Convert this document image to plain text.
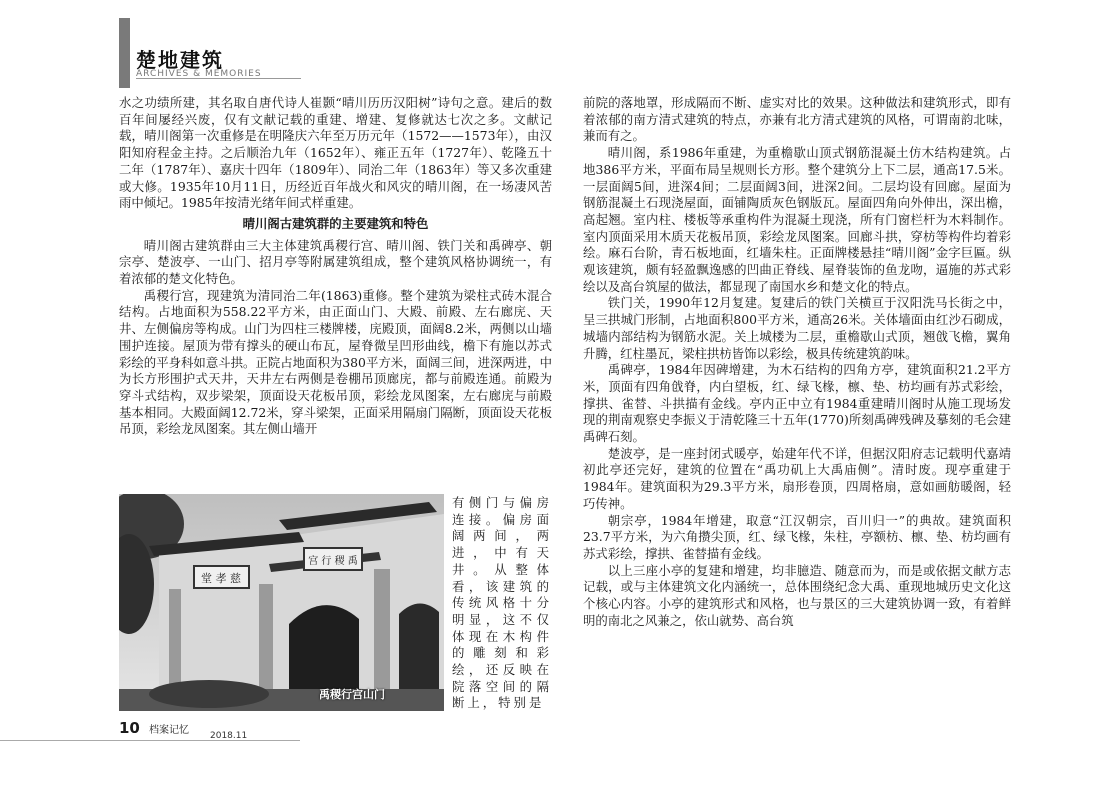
楚地建筑
ARCHIVES & MEMORIES

水之功绩所建，其名取自唐代诗人崔颢“晴川历历汉阳树”诗句之意。建后的数百年间屡经兴废，仅有文献记载的重建、增建、复修就达七次之多。文献记载，晴川阁第一次重修是在明隆庆六年至万历元年（1572——1573年），由汉阳知府程金主持。之后顺治九年（1652年）、雍正五年（1727年）、乾隆五十二年（1787年）、嘉庆十四年（1809年）、同治二年（1863年）等又多次重建或大修。1935年10月11日，历经近百年战火和风灾的晴川阁，在一场凄风苦雨中倾圮。1985年按清光绪年间式样重建。

晴川阁古建筑群的主要建筑和特色

晴川阁古建筑群由三大主体建筑禹稷行宫、晴川阁、铁门关和禹碑亭、朝宗亭、楚波亭、一山门、招月亭等附属建筑组成，整个建筑风格协调统一，有着浓郁的楚文化特色。

禹稷行宫，现建筑为清同治二年(1863)重修。整个建筑为梁柱式砖木混合结构。占地面积为558.22平方米，由正面山门、大殿、前殿、左右廊庑、天井、左侧偏房等构成。山门为四柱三楼牌楼，庑殿顶，面阔8.2米，两侧以山墙围护连接。屋顶为带有撑头的硬山布瓦，屋脊微呈凹形曲线，檐下有施以苏式彩绘的平身科如意斗拱。正院占地面积为380平方米，面阔三间，进深两进，中为长方形围护式天井，天井左右两侧是卷棚吊顶廊庑，都与前殿连通。前殿为穿斗式结构，双步梁架，顶面设天花板吊顶，彩绘龙凤图案，左右廊庑与前殿基本相同。大殿面阔12.72米，穿斗梁架，正面采用隔扇门隔断，顶面设天花板吊顶，彩绘龙凤图案。其左侧山墙开

堂 孝 慈
宫 行 稷 禹
禹稷行宫山门
有侧门与偏房连接。偏房面阔两间，两进，中有天井。从整体看，该建筑的传统风格十分明显，这不仅体现在木构件的雕刻和彩绘，还反映在院落空间的隔断上，特别是

前院的落地罩，形成隔而不断、虚实对比的效果。这种做法和建筑形式，即有着浓郁的南方清式建筑的特点，亦兼有北方清式建筑的风格，可谓南韵北味，兼而有之。

晴川阁，系1986年重建，为重檐歇山顶式钢筋混凝土仿木结构建筑。占地386平方米，平面布局呈规则长方形。整个建筑分上下二层，通高17.5米。一层面阔5间，进深4间；二层面阔3间，进深2间。二层均设有回廊。屋面为钢筋混凝土石现浇屋面，面铺陶质灰色钢版瓦。屋面四角向外伸出，深出檐，高起翘。室内柱、楼板等承重构件为混凝土现浇，所有门窗栏杆为木料制作。室内顶面采用木质天花板吊顶，彩绘龙凤图案。回廊斗拱，穿枋等构件均着彩绘。麻石台阶，青石板地面，红墙朱柱。正面牌楼悬挂“晴川阁”金字巨匾。纵观该建筑，颇有轻盈飘逸感的凹曲正脊线、屋脊装饰的鱼龙吻，逼施的苏式彩绘以及高台筑屋的做法，都显现了南国水乡和楚文化的特点。

铁门关，1990年12月复建。复建后的铁门关横亘于汉阳洗马长街之中，呈三拱城门形制，占地面积800平方米，通高26米。关体墙面由红沙石砌成，城墙内部结构为钢筋水泥。关上城楼为二层，重檐歇山式顶，翘戗飞檐，翼角升腾，红柱墨瓦，梁柱拱枋皆饰以彩绘，极具传统建筑韵味。

禹碑亭，1984年因碑增建，为木石结构的四角方亭，建筑面积21.2平方米，顶面有四角戗脊，内白望板，红、绿飞椽，檩、垫、枋均画有苏式彩绘，撑拱、雀替、斗拱描有金线。亭内正中立有1984重建晴川阁时从施工现场发现的荆南观察史李振义于清乾隆三十五年(1770)所刻禹碑残碑及摹刻的毛会建禹碑石刻。

楚波亭，是一座封闭式暖亭，始建年代不详，但据汉阳府志记载明代嘉靖初此亭还完好，建筑的位置在“禹功矶上大禹庙侧”。清时废。现亭重建于1984年。建筑面积为29.3平方米，扇形卷顶，四周格扇，意如画舫暖阁，轻巧传神。

朝宗亭，1984年增建，取意“江汉朝宗，百川归一”的典故。建筑面积23.7平方米，为六角攒尖顶，红、绿飞椽，朱柱，亭额枋、檩、垫、枋均画有苏式彩绘，撑拱、雀替描有金线。

以上三座小亭的复建和增建，均非臆造、随意而为，而是或依据文献方志记载，或与主体建筑文化内涵统一，总体围绕纪念大禹、重现地城历史文化这个核心内容。小亭的建筑形式和风格，也与景区的三大建筑协调一致，有着鲜明的南北之风兼之，依山就势、高台筑

10 档案记忆 2018.11
